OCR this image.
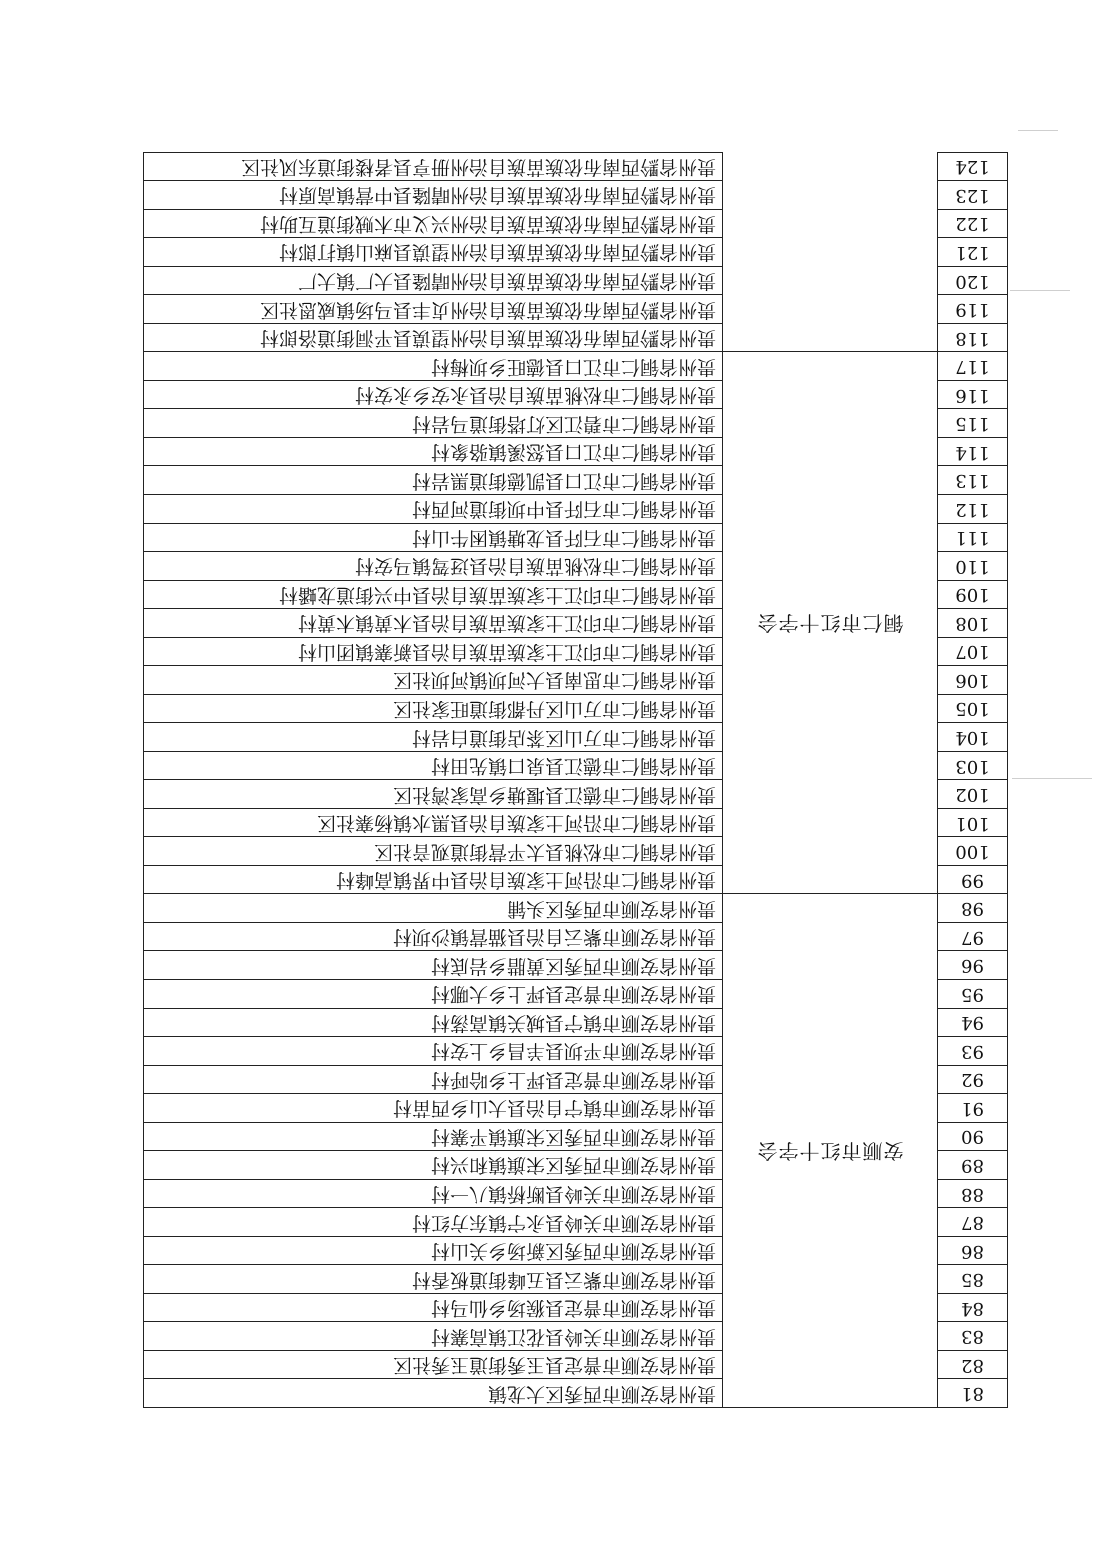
81	安顺市红十字会	贵州省安顺市西秀区大龙镇
82		贵州省安顺市普定县玉秀街道玉秀社区
83		贵州省安顺市关岭县花江镇高寨村
84		贵州省安顺市普定县猴场乡仙马村
85		贵州省安顺市紫云县五峰街道板香村
86		贵州省安顺市西秀区新场乡关山村
87		贵州省安顺市关岭县永宁镇东方红村
88		贵州省安顺市关岭县断桥镇八一村
89		贵州省安顺市西秀区宋旗镇和兴村
90		贵州省安顺市西秀区宋旗镇平寨村
91		贵州省安顺市镇宁自治县大山乡西苗村
92		贵州省安顺市普定县坪上乡哈呼村
93		贵州省安顺市平坝县羊昌乡上安村
94		贵州省安顺市镇宁县城关镇高荡村
95		贵州省安顺市普定县坪上乡大哪村
96		贵州省安顺市西秀区黄腊乡岩底村
97		贵州省安顺市紫云自治县猫营镇沙坝村
98		贵州省安顺市西秀区头铺
99	铜仁市红十字会	贵州省铜仁市沿河土家族自治县中界镇高峰村
100		贵州省铜仁市松桃县太平营街道观音社区
101		贵州省铜仁市沿河土家族自治县黑水镇杨寨社区
102		贵州省铜仁市德江县堰塘乡高家湾社区
103		贵州省铜仁市德江县泉口镇先田村
104		贵州省铜仁市万山区茶店街道白岩村
105		贵州省铜仁市万山区丹都街道旺家社区
106		贵州省铜仁市思南县大河坝镇河坝社区
107		贵州省铜仁市印江土家族苗族自治县新寨镇团山村
108		贵州省铜仁市印江土家族苗族自治县木黄镇木黄村
109		贵州省铜仁市印江土家族苗族自治县中兴街道龙蟠村
110		贵州省铜仁市松桃苗族自治县迓驾镇马安村
111		贵州省铜仁市石阡县龙塘镇困牛山村
112		贵州省铜仁市石阡县中坝街道河西村
113		贵州省铜仁市江口县凯德街道黑岩村
114		贵州省铜仁市江口县怒溪镇骆象村
115		贵州省铜仁市碧江区灯塔街道马岩村
116		贵州省铜仁市松桃苗族自治县永安乡永安村
117		贵州省铜仁市江口县德旺乡坝梅村
118		贵州省黔西南布依族苗族自治州望谟县平洞街道洛郎村
119		贵州省黔西南布依族苗族自治州贞丰县马场镇威恩社区
120		贵州省黔西南布依族苗族自治州晴隆县大厂镇大厂
121		贵州省黔西南布依族苗族自治州望谟县麻山镇打郎村
122		贵州省黔西南布依族苗族自治州兴义市木贼街道互助村
123		贵州省黔西南布依族苗族自治州晴隆县中营镇高原村
124		贵州省黔西南布依族苗族自治州册亨县者楼街道东风社区
